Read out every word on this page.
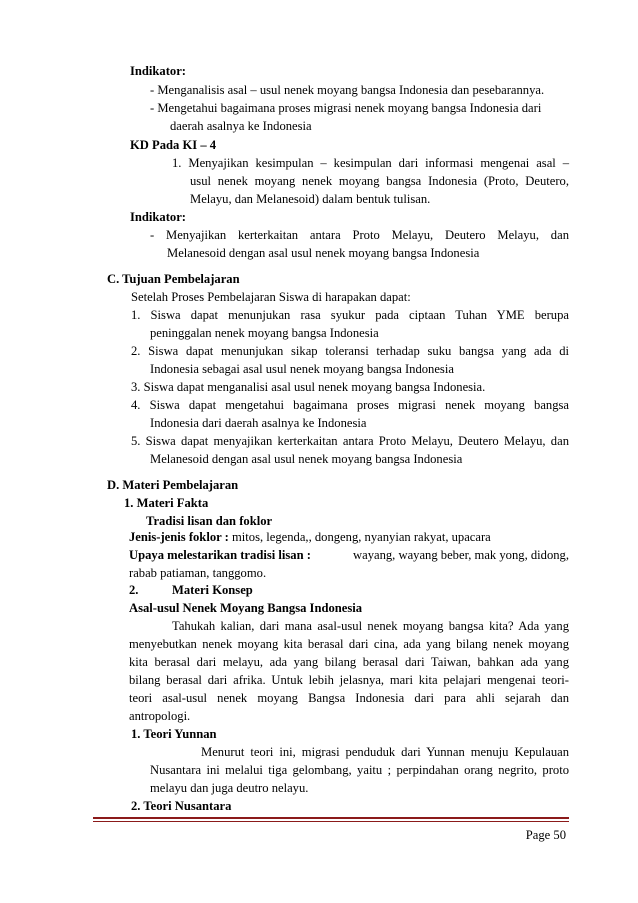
Indikator:
- Menganalisis asal – usul nenek moyang bangsa Indonesia dan pesebarannya.
- Mengetahui bagaimana proses migrasi nenek moyang bangsa Indonesia dari
daerah asalnya ke Indonesia
KD Pada KI – 4
1. Menyajikan kesimpulan – kesimpulan dari informasi mengenai asal –
usul nenek moyang nenek moyang bangsa Indonesia (Proto, Deutero,
Melayu, dan Melanesoid) dalam bentuk tulisan.
Indikator:
- Menyajikan kerterkaitan antara Proto Melayu, Deutero Melayu, dan
Melanesoid dengan asal usul nenek moyang bangsa Indonesia
C. Tujuan Pembelajaran
Setelah Proses Pembelajaran Siswa di harapakan dapat:
1. Siswa dapat menunjukan rasa syukur pada ciptaan Tuhan YME berupa
peninggalan nenek moyang bangsa Indonesia
2. Siswa dapat menunjukan sikap toleransi terhadap suku bangsa yang ada di
Indonesia sebagai asal usul nenek moyang bangsa Indonesia
3. Siswa dapat menganalisi asal usul nenek moyang bangsa Indonesia.
4. Siswa dapat mengetahui bagaimana proses migrasi nenek moyang bangsa
Indonesia dari daerah asalnya ke Indonesia
5. Siswa dapat menyajikan kerterkaitan antara Proto Melayu, Deutero Melayu, dan
Melanesoid dengan asal usul nenek moyang bangsa Indonesia
D. Materi Pembelajaran
1. Materi Fakta
Tradisi lisan dan foklor
Jenis-jenis foklor : mitos, legenda,, dongeng, nyanyian rakyat, upacara
Upaya melestarikan tradisi lisan :	wayang, wayang beber, mak yong, didong,
rabab patiaman, tanggomo.
2.	Materi Konsep
Asal-usul Nenek Moyang Bangsa Indonesia
Tahukah kalian, dari mana asal-usul nenek moyang bangsa kita? Ada yang
menyebutkan nenek moyang kita berasal dari cina, ada yang bilang nenek moyang
kita berasal dari melayu, ada yang bilang berasal dari Taiwan, bahkan ada yang
bilang berasal dari afrika. Untuk lebih jelasnya, mari kita pelajari mengenai teori-
teori asal-usul nenek moyang Bangsa Indonesia dari para ahli sejarah dan
antropologi.
1. Teori Yunnan
Menurut teori ini, migrasi penduduk dari Yunnan menuju Kepulauan
Nusantara ini melalui tiga gelombang, yaitu ; perpindahan orang negrito, proto
melayu dan juga deutro nelayu.
2. Teori Nusantara
Page 50
